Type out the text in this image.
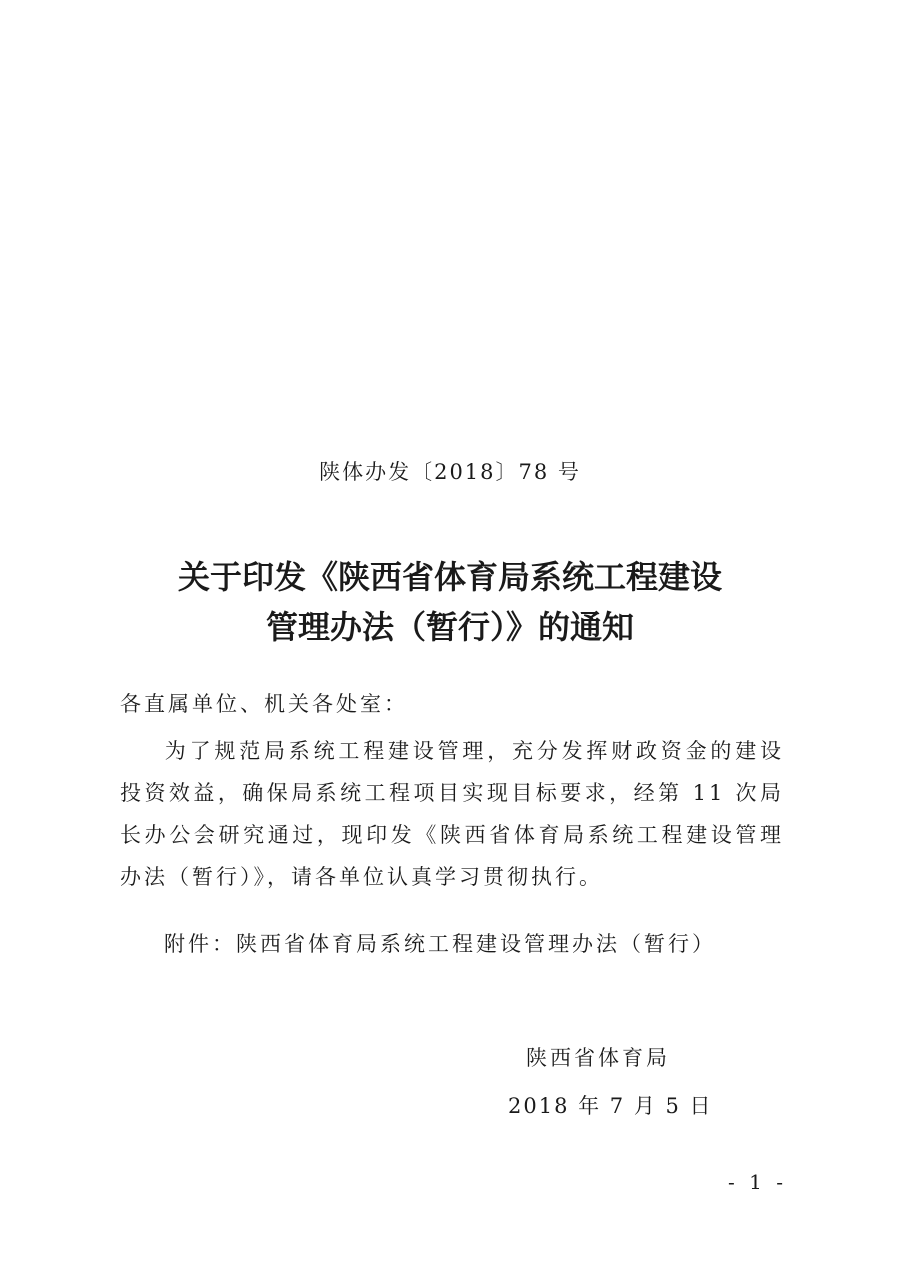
陕体办发〔2018〕78 号
关于印发《陕西省体育局系统工程建设
管理办法（暂行）》的通知
各直属单位、机关各处室：
为了规范局系统工程建设管理，充分发挥财政资金的建设投资效益，确保局系统工程项目实现目标要求，经第 11 次局长办公会研究通过，现印发《陕西省体育局系统工程建设管理办法（暂行）》，请各单位认真学习贯彻执行。
附件：陕西省体育局系统工程建设管理办法（暂行）
陕西省体育局
2018 年 7 月 5 日
- 1 -
